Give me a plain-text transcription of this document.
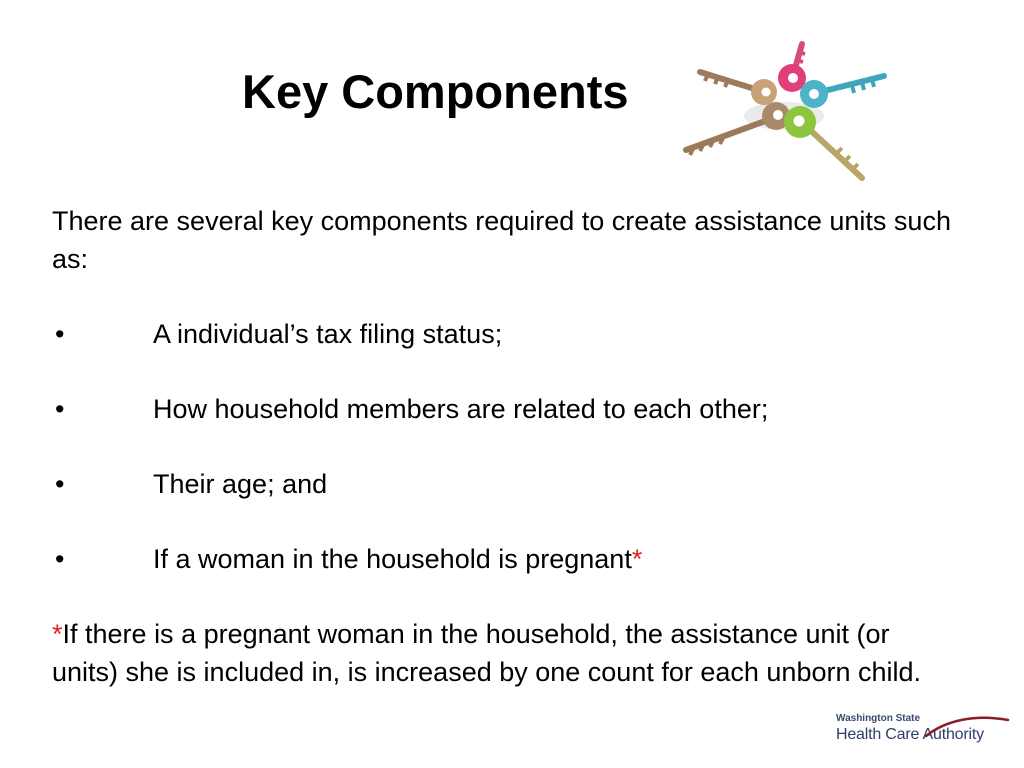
Key Components

There are several key components required to create assistance units such as:

•	A individual’s tax filing status;
•	How household members are related to each other;
•	Their age; and
•	If a woman in the household is pregnant*

*If there is a pregnant woman in the household, the assistance unit (or units) she is included in, is increased by one count for each unborn child.

Washington State
Health Care Authority
